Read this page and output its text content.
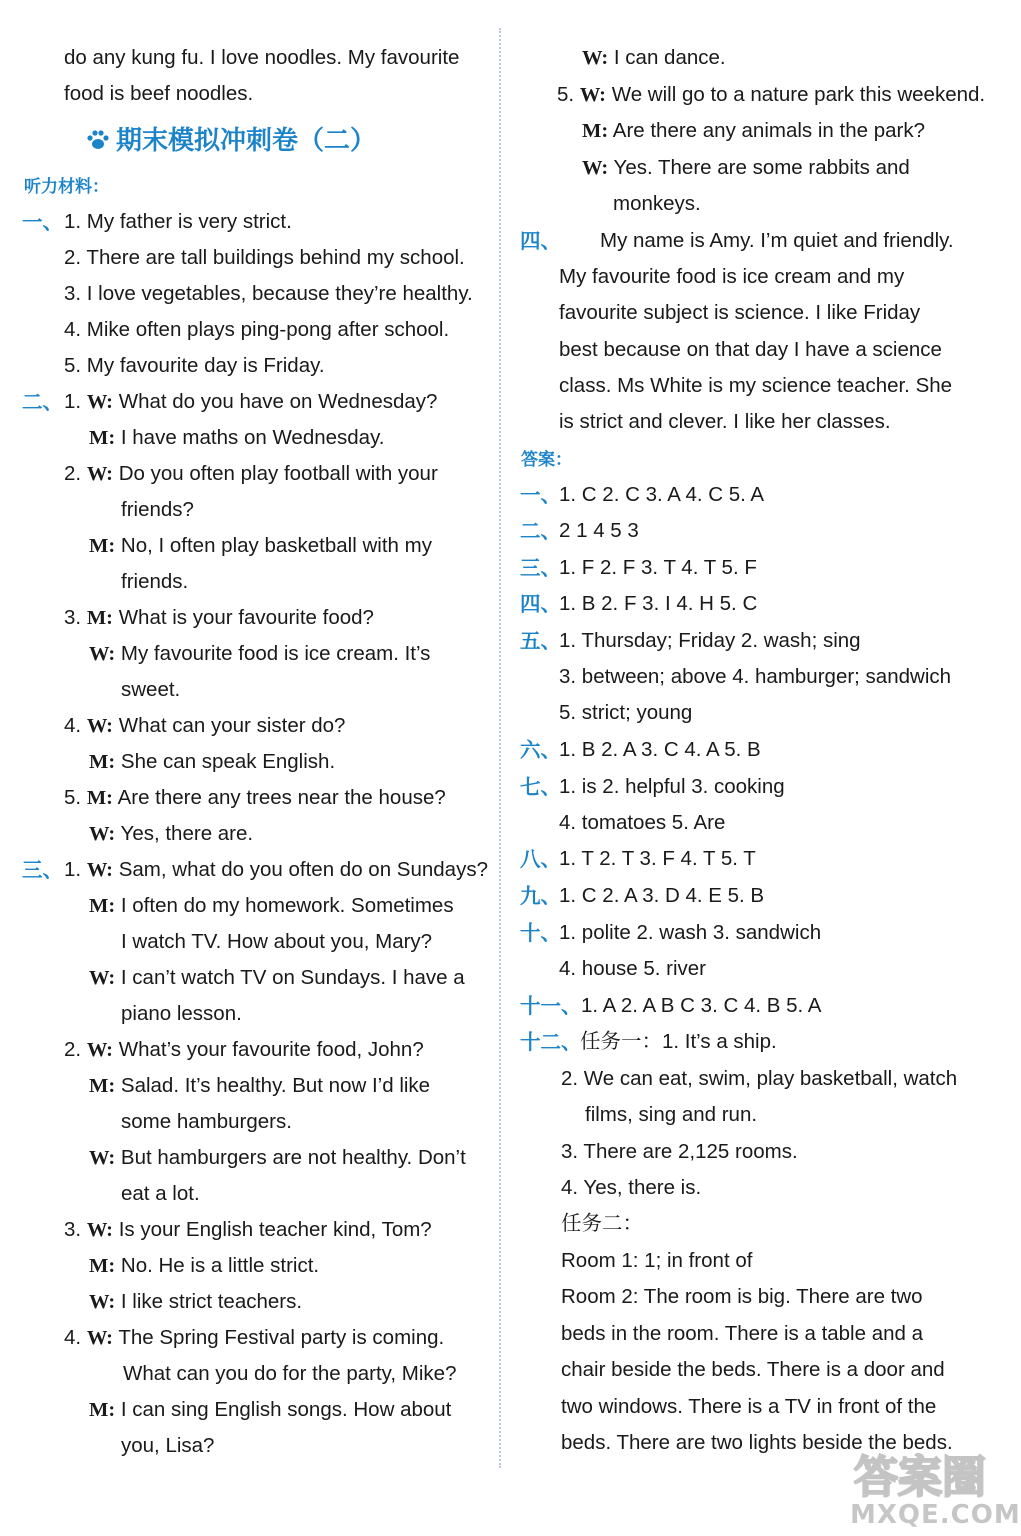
do any kung fu. I love noodles. My favourite
food is beef noodles.
期末模拟冲刺卷（二）
听力材料：
一、 1. My father is very strict.
2. There are tall buildings behind my school.
3. I love vegetables, because they’re healthy.
4. Mike often plays ping-pong after school.
5. My favourite day is Friday.
二、 1. W: What do you have on Wednesday?
M: I have maths on Wednesday.
2. W: Do you often play football with your
friends?
M: No, I often play basketball with my
friends.
3. M: What is your favourite food?
W: My favourite food is ice cream. It’s
sweet.
4. W: What can your sister do?
M: She can speak English.
5. M: Are there any trees near the house?
W: Yes, there are.
三、 1. W: Sam, what do you often do on Sundays?
M: I often do my homework. Sometimes
I watch TV. How about you, Mary?
W: I can’t watch TV on Sundays. I have a
piano lesson.
2. W: What’s your favourite food, John?
M: Salad. It’s healthy. But now I’d like
some hamburgers.
W: But hamburgers are not healthy. Don’t
eat a lot.
3. W: Is your English teacher kind, Tom?
M: No. He is a little strict.
W: I like strict teachers.
4. W: The Spring Festival party is coming.
What can you do for the party, Mike?
M: I can sing English songs. How about
you, Lisa?
W: I can dance.
5. W: We will go to a nature park this weekend.
M: Are there any animals in the park?
W: Yes. There are some rabbits and
monkeys.
四、 My name is Amy. I’m quiet and friendly.
My favourite food is ice cream and my
favourite subject is science. I like Friday
best because on that day I have a science
class. Ms White is my science teacher. She
is strict and clever. I like her classes.
答案：
一、
1. C 2. C 3. A 4. C 5. A
二、
2 1 4 5 3
三、
1. F 2. F 3. T 4. T 5. F
四、
1. B 2. F 3. I 4. H 5. C
五、
1. Thursday; Friday 2. wash; sing
3. between; above 4. hamburger; sandwich
5. strict; young
六、
1. B 2. A 3. C 4. A 5. B
七、
1. is 2. helpful 3. cooking
4. tomatoes 5. Are
八、
1. T 2. T 3. F 4. T 5. T
九、
1. C 2. A 3. D 4. E 5. B
十、
1. polite 2. wash 3. sandwich
4. house 5. river
十一、 1. A 2. A B C 3. C 4. B 5. A
十二、
任务一：1. It’s a ship.
2. We can eat, swim, play basketball, watch
films, sing and run.
3. There are 2,125 rooms.
4. Yes, there is.
任务二：
Room 1: 1; in front of
Room 2: The room is big. There are two
beds in the room. There is a table and a
chair beside the beds. There is a door and
two windows. There is a TV in front of the
beds. There are two lights beside the beds.
答案圈
MXQE.COM
